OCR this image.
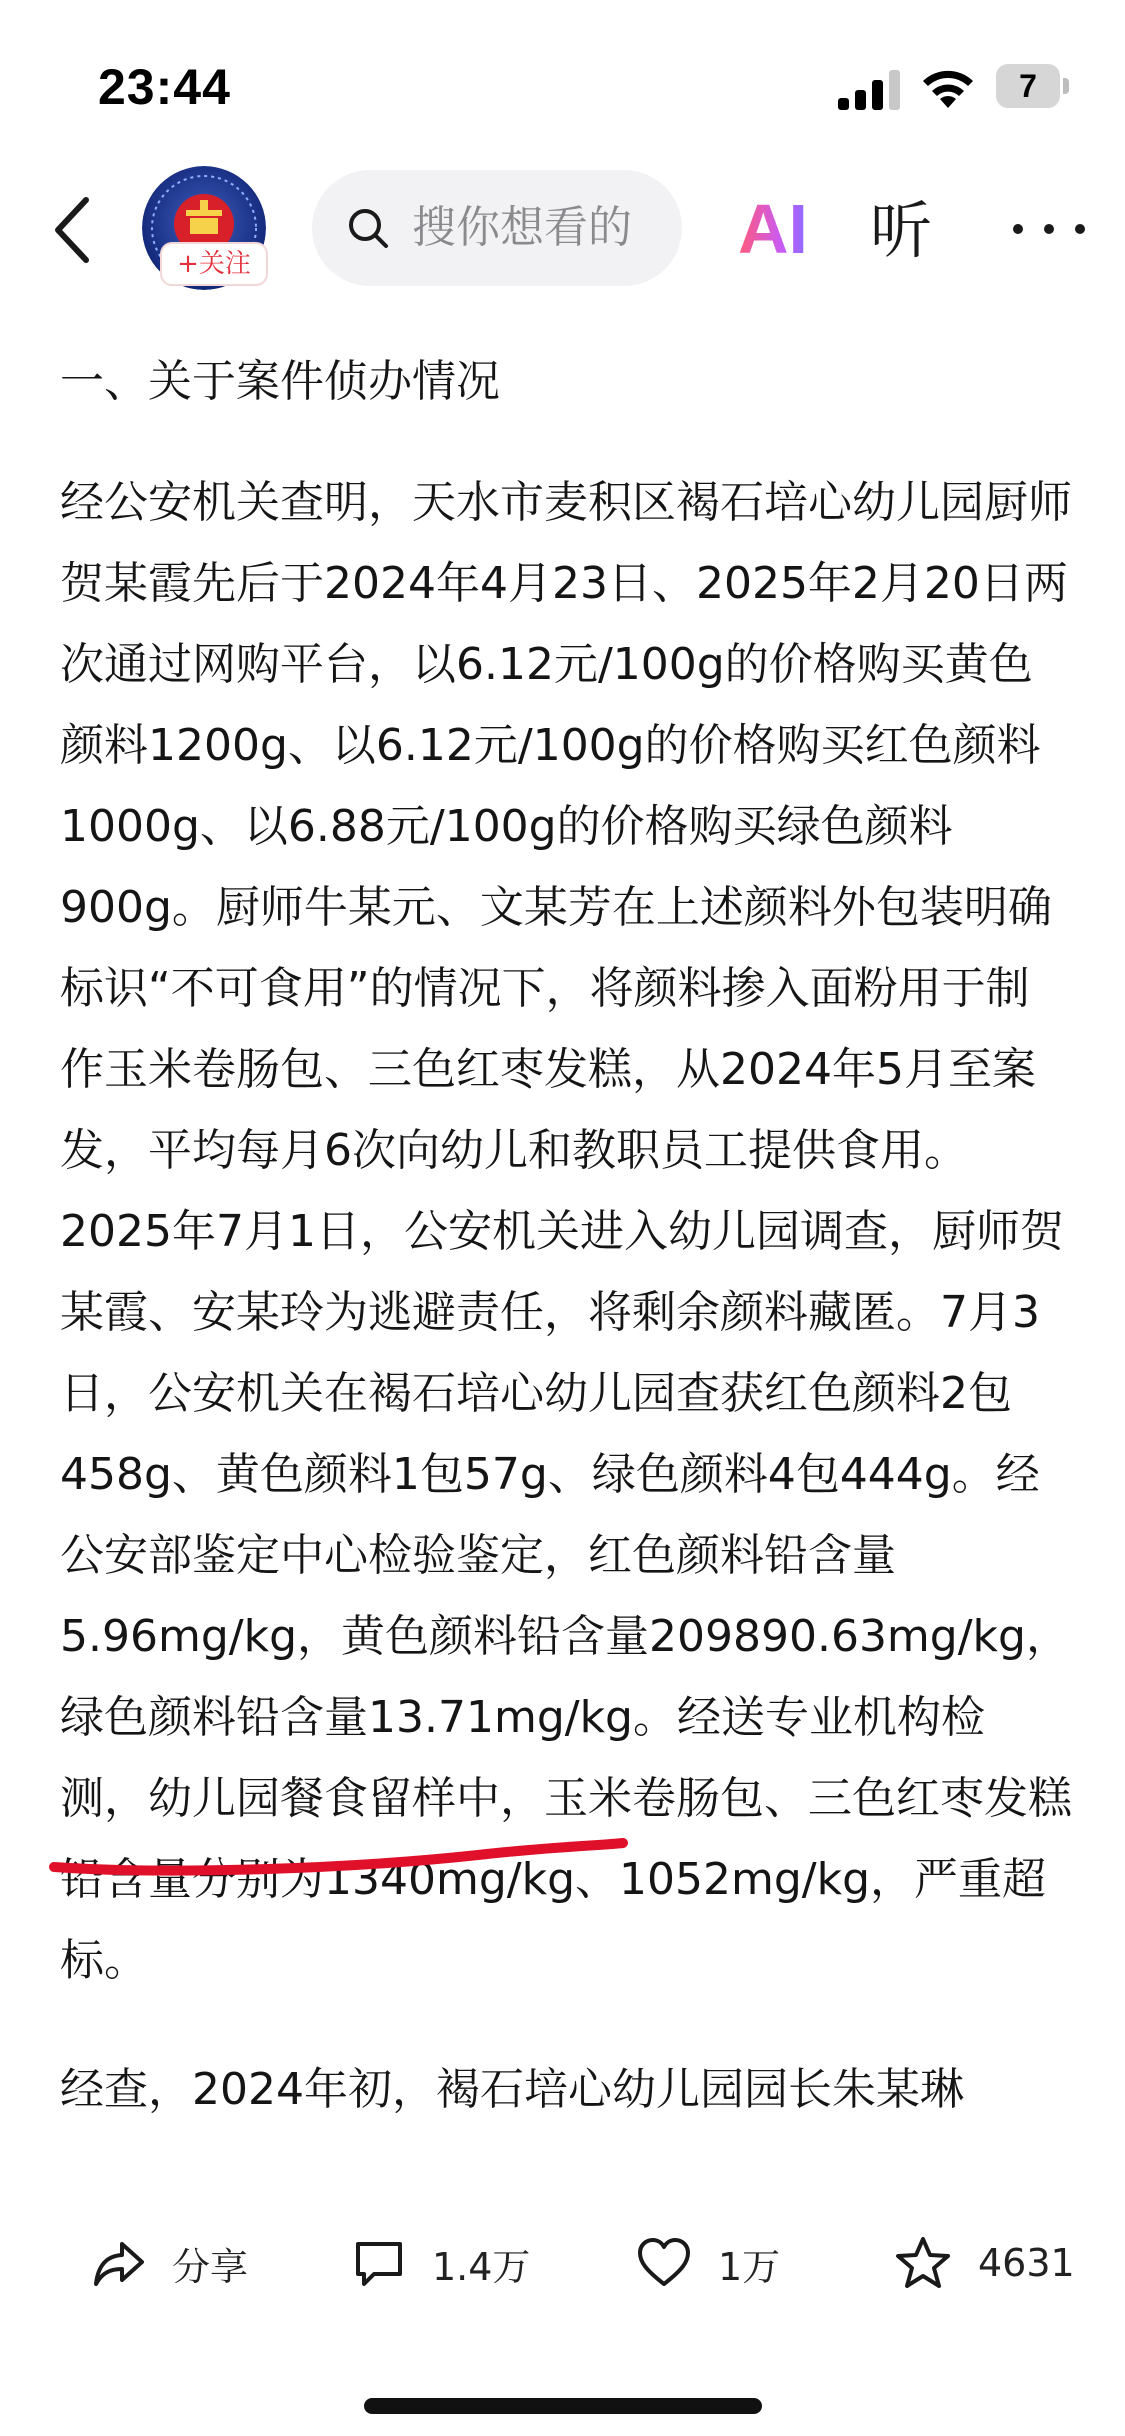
23:44	7
+关注
搜你想看的 AI 听
一、关于案件侦办情况

经公安机关查明，天水市麦积区褐石培心幼儿园厨师贺某霞先后于2024年4月23日、2025年2月20日两次通过网购平台，以6.12元/100g的价格购买黄色颜料1200g、以6.12元/100g的价格购买红色颜料1000g、以6.88元/100g的价格购买绿色颜料900g。厨师牛某元、文某芳在上述颜料外包装明确标识“不可食用”的情况下，将颜料掺入面粉用于制作玉米卷肠包、三色红枣发糕，从2024年5月至案发，平均每月6次向幼儿和教职员工提供食用。2025年7月1日，公安机关进入幼儿园调查，厨师贺某霞、安某玲为逃避责任，将剩余颜料藏匿。7月3日，公安机关在褐石培心幼儿园查获红色颜料2包458g、黄色颜料1包57g、绿色颜料4包444g。经公安部鉴定中心检验鉴定，红色颜料铅含量5.96mg/kg，黄色颜料铅含量209890.63mg/kg，绿色颜料铅含量13.71mg/kg。经送专业机构检测，幼儿园餐食留样中，玉米卷肠包、三色红枣发糕铅含量分别为1340mg/kg、1052mg/kg，严重超标。

经查，2024年初，褐石培心幼儿园园长朱某琳

分享	1.4万	1万	4631
